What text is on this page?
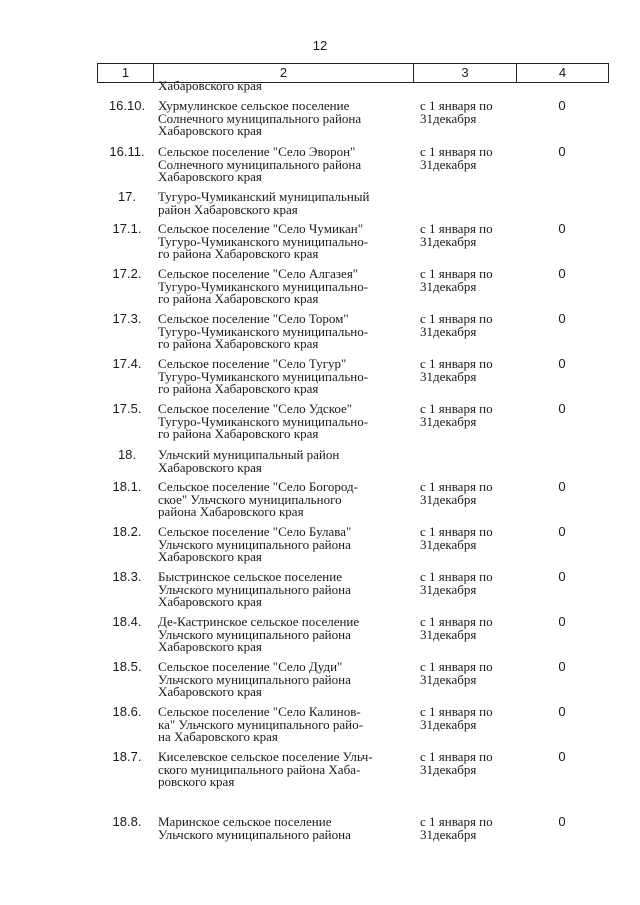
12
1	2	3	4
Хабаровского края
16.10. Хурмулинское сельское поселение
Солнечного муниципального района
Хабаровского края
с 1 января по
31декабря
0
16.11.	Сельское поселение "Село Эворон"
Солнечного муниципального района
Хабаровского края
с 1 января по
31декабря
0
17.	Тугуро-Чумиканский муниципальный
район Хабаровского края
17.1.	Сельское поселение "Село Чумикан"
Тугуро-Чумиканского муниципально-
го района Хабаровского края
с 1 января по
31декабря
0
17.2.	Сельское поселение "Село Алгазея"
Тугуро-Чумиканского муниципально-
го района Хабаровского края
с 1 января по
31декабря
0
17.3.	Сельское поселение "Село Тором"
Тугуро-Чумиканского муниципально-
го района Хабаровского края
с 1 января по
31декабря
0
17.4.	Сельское поселение "Село Тугур"
Тугуро-Чумиканского муниципально-
го района Хабаровского края
с 1 января по
31декабря
0
17.5.	Сельское поселение "Село Удское"
Тугуро-Чумиканского муниципально-
го района Хабаровского края
с 1 января по
31декабря
0
18.	Ульчский муниципальный район
Хабаровского края
18.1.	Сельское поселение "Село Богород-
ское" Ульчского муниципального
района Хабаровского края
с 1 января по
31декабря
0
18.2.	Сельское поселение "Село Булава"
Ульчского муниципального района
Хабаровского края
с 1 января по
31декабря
0
18.3.	Быстринское сельское поселение
Ульчского муниципального района
Хабаровского края
с 1 января по
31декабря
0
18.4.	Де-Кастринское сельское поселение
Ульчского муниципального района
Хабаровского края
с 1 января по
31декабря
0
18.5.	Сельское поселение "Село Дуди"
Ульчского муниципального района
Хабаровского края
с 1 января по
31декабря
0
18.6.	Сельское поселение "Село Калинов-
ка" Ульчского муниципального райо-
на Хабаровского края
с 1 января по
31декабря
0
18.7.	Киселевское сельское поселение Ульч-
ского муниципального района Хаба-
ровского края
с 1 января по
31декабря
0
18.8.	Маринское сельское поселение
Ульчского муниципального района
с 1 января по
31декабря
0
